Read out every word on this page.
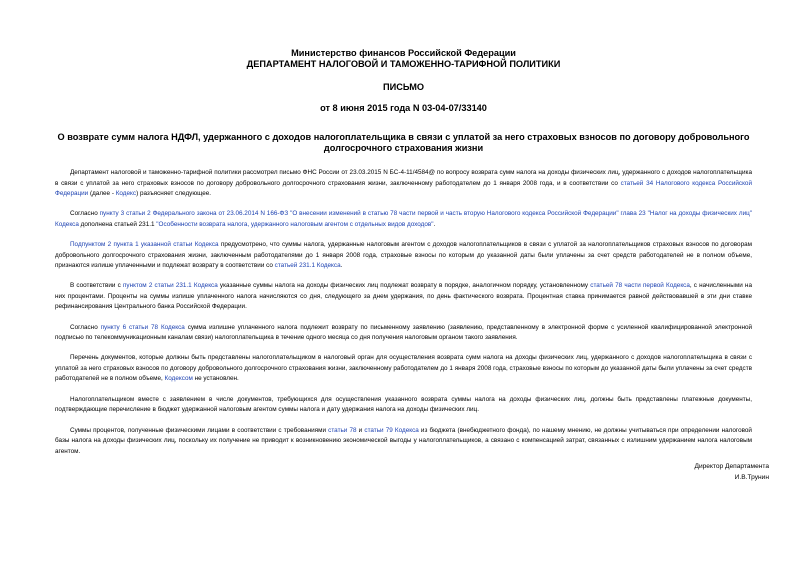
Министерство финансов Российской Федерации
ДЕПАРТАМЕНТ НАЛОГОВОЙ И ТАМОЖЕННО-ТАРИФНОЙ ПОЛИТИКИ
ПИСЬМО
от 8 июня 2015 года N 03-04-07/33140
О возврате сумм налога НДФЛ, удержанного с доходов налогоплательщика в связи с уплатой за него страховых взносов по договору добровольного долгосрочного страхования жизни

Департамент налоговой и таможенно-тарифной политики рассмотрел письмо ФНС России от 23.03.2015 N БС-4-11/4584@ по вопросу возврата сумм налога на доходы физических лиц, удержанного с доходов налогоплательщика в связи с уплатой за него страховых взносов по договору добровольного долгосрочного страхования жизни, заключенному работодателем до 1 января 2008 года, и в соответствии со статьей 34 Налогового кодекса Российской Федерации (далее - Кодекс) разъясняет следующее.

Согласно пункту 3 статьи 2 Федерального закона от 23.06.2014 N 166-ФЗ "О внесении изменений в статью 78 части первой и часть вторую Налогового кодекса Российской Федерации" глава 23 "Налог на доходы физических лиц" Кодекса дополнена статьей 231.1 "Особенности возврата налога, удержанного налоговым агентом с отдельных видов доходов".

Подпунктом 2 пункта 1 указанной статьи Кодекса предусмотрено, что суммы налога, удержанные налоговым агентом с доходов налогоплательщиков в связи с уплатой за налогоплательщиков страховых взносов по договорам добровольного долгосрочного страхования жизни, заключенным работодателями до 1 января 2008 года, страховые взносы по которым до указанной даты были уплачены за счет средств работодателей не в полном объеме, признаются излише уплаченными и подлежат возврату в соответствии со статьей 231.1 Кодекса.

В соответствии с пунктом 2 статьи 231.1 Кодекса указанные суммы налога на доходы физических лиц подлежат возврату в порядке, аналогичном порядку, установленному статьей 78 части первой Кодекса, с начисленными на них процентами. Проценты на суммы излише уплаченного налога начисляются со дня, следующего за днем удержания, по день фактического возврата. Процентная ставка принимается равной действовавшей в эти дни ставке рефинансирования Центрального банка Российской Федерации.

Согласно пункту 6 статьи 78 Кодекса сумма излишне уплаченного налога подлежит возврату по письменному заявлению (заявлению, представленному в электронной форме с усиленной квалифицированной электронной подписью по телекоммуникационным каналам связи) налогоплательщика в течение одного месяца со дня получения налоговым органом такого заявления.

Перечень документов, которые должны быть представлены налогоплательщиком в налоговый орган для осуществления возврата сумм налога на доходы физических лиц, удержанного с доходов налогоплательщика в связи с уплатой за него страховых взносов по договору добровольного долгосрочного страхования жизни, заключенному работодателем до 1 января 2008 года, страховые взносы по которым до указанной даты были уплачены за счет средств работодателей не в полном объеме, Кодексом не установлен.

Налогоплательщиком вместе с заявлением в числе документов, требующихся для осуществления указанного возврата суммы налога на доходы физических лиц, должны быть представлены платежные документы, подтверждающие перечисление в бюджет удержанной налоговым агентом суммы налога и дату удержания налога на доходы физических лиц.

Суммы процентов, полученные физическими лицами в соответствии с требованиями статьи 78 и статьи 79 Кодекса из бюджета (внебюджетного фонда), по нашему мнению, не должны учитываться при определении налоговой базы налога на доходы физических лиц, поскольку их получение не приводит к возникновению экономической выгоды у налогоплательщиков, а связано с компенсацией затрат, связанных с излишним удержанием налога налоговым агентом.

Директор Департамента
И.В.Трунин
